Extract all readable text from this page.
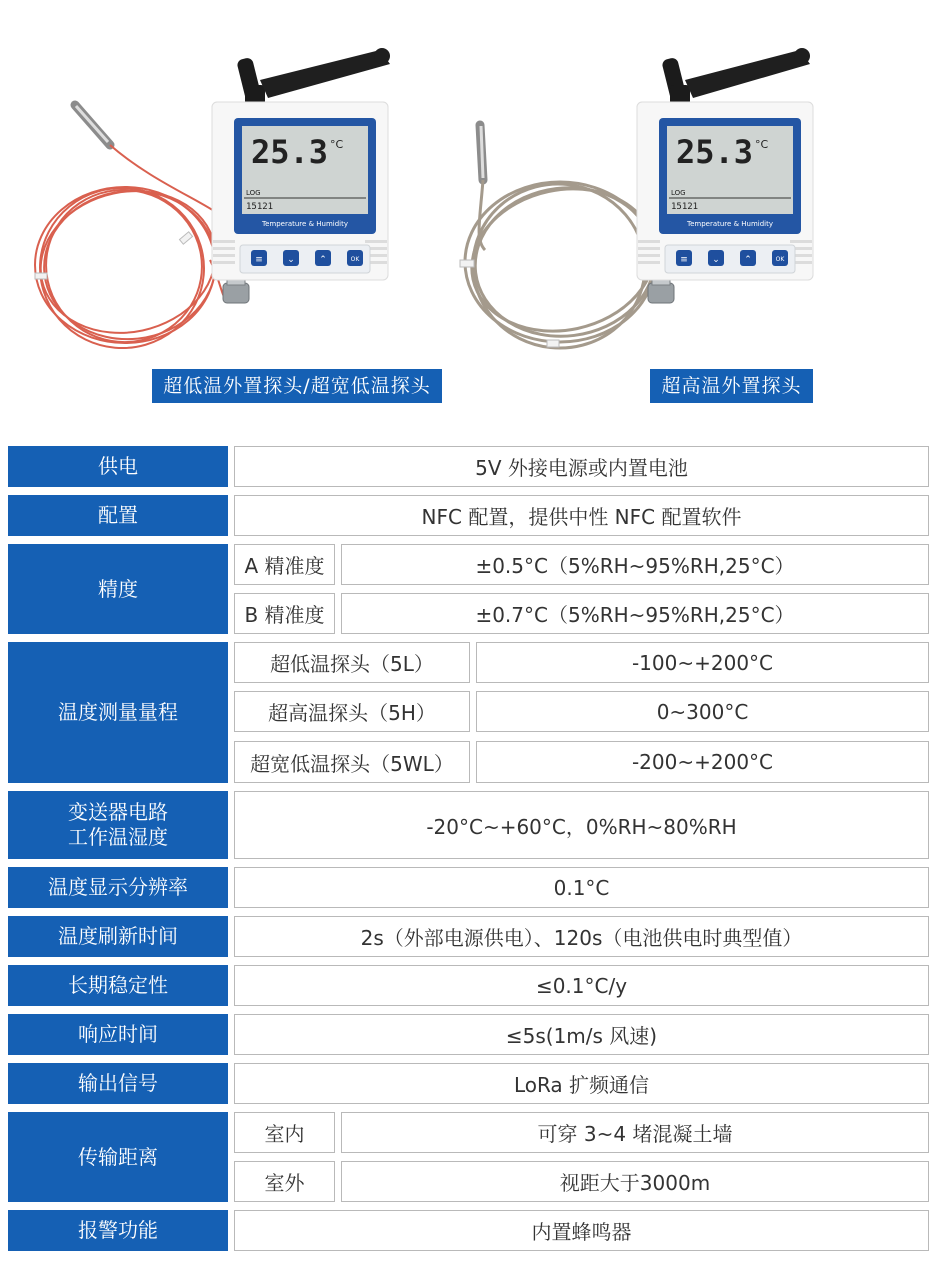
25.3 °C
LOG
15121
Temperature & Humidity
≡	⌄	⌃	OK
超低温外置探头/超宽低温探头
25.3 °C
LOG
15121
Temperature & Humidity
≡	⌄	⌃	OK
超高温外置探头
供电	5V 外接电源或内置电池
配置	NFC 配置，提供中性 NFC 配置软件
精度
A 精准度	±0.5°C（5%RH~95%RH,25°C）
B 精准度	±0.7°C（5%RH~95%RH,25°C）
温度测量量程
超低温探头（5L）	-100~+200°C
超高温探头（5H）	0~300°C
超宽低温探头（5WL）	-200~+200°C
变送器电路
工作温湿度	-20°C~+60°C，0%RH~80%RH
温度显示分辨率	0.1°C
温度刷新时间	2s（外部电源供电）、120s（电池供电时典型值）
长期稳定性	≤0.1°C/y
响应时间	≤5s(1m/s 风速)
输出信号	LoRa 扩频通信
传输距离
室内	可穿 3~4 堵混凝土墙
室外	视距大于3000m
报警功能	内置蜂鸣器
